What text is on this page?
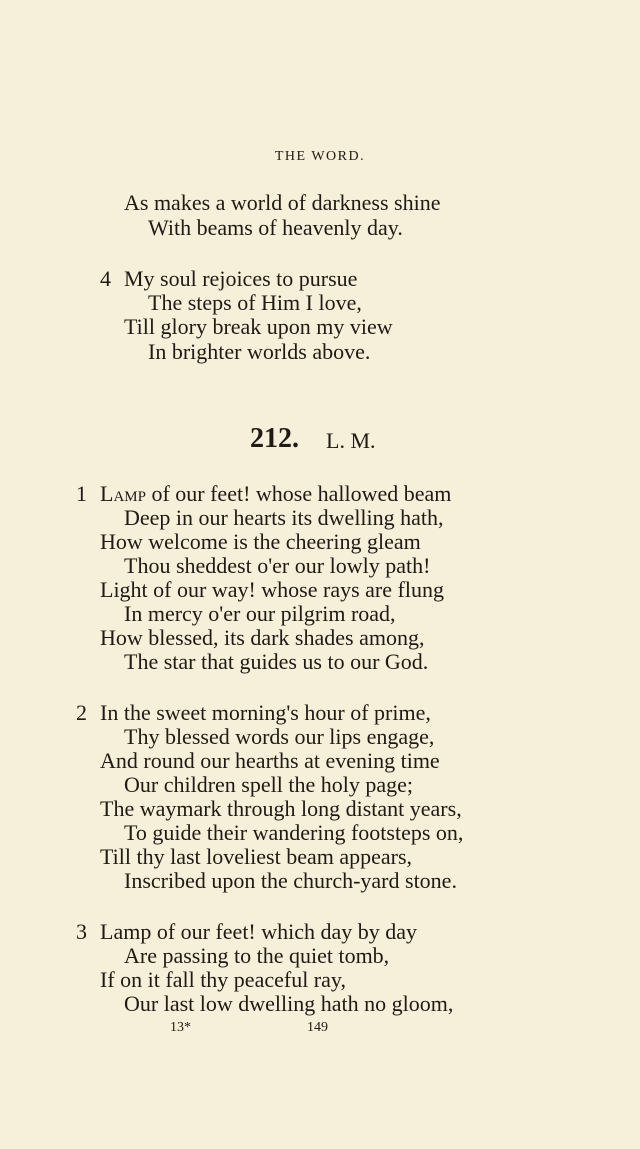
THE WORD.
As makes a world of darkness shine
With beams of heavenly day.
4 My soul rejoices to pursue
The steps of Him I love,
Till glory break upon my view
In brighter worlds above.
212. L. M.
1 Lamp of our feet! whose hallowed beam
Deep in our hearts its dwelling hath,
How welcome is the cheering gleam
Thou sheddest o'er our lowly path!
Light of our way! whose rays are flung
In mercy o'er our pilgrim road,
How blessed, its dark shades among,
The star that guides us to our God.
2 In the sweet morning's hour of prime,
Thy blessed words our lips engage,
And round our hearths at evening time
Our children spell the holy page;
The waymark through long distant years,
To guide their wandering footsteps on,
Till thy last loveliest beam appears,
Inscribed upon the church-yard stone.
3 Lamp of our feet! which day by day
Are passing to the quiet tomb,
If on it fall thy peaceful ray,
Our last low dwelling hath no gloom,
13*	149
